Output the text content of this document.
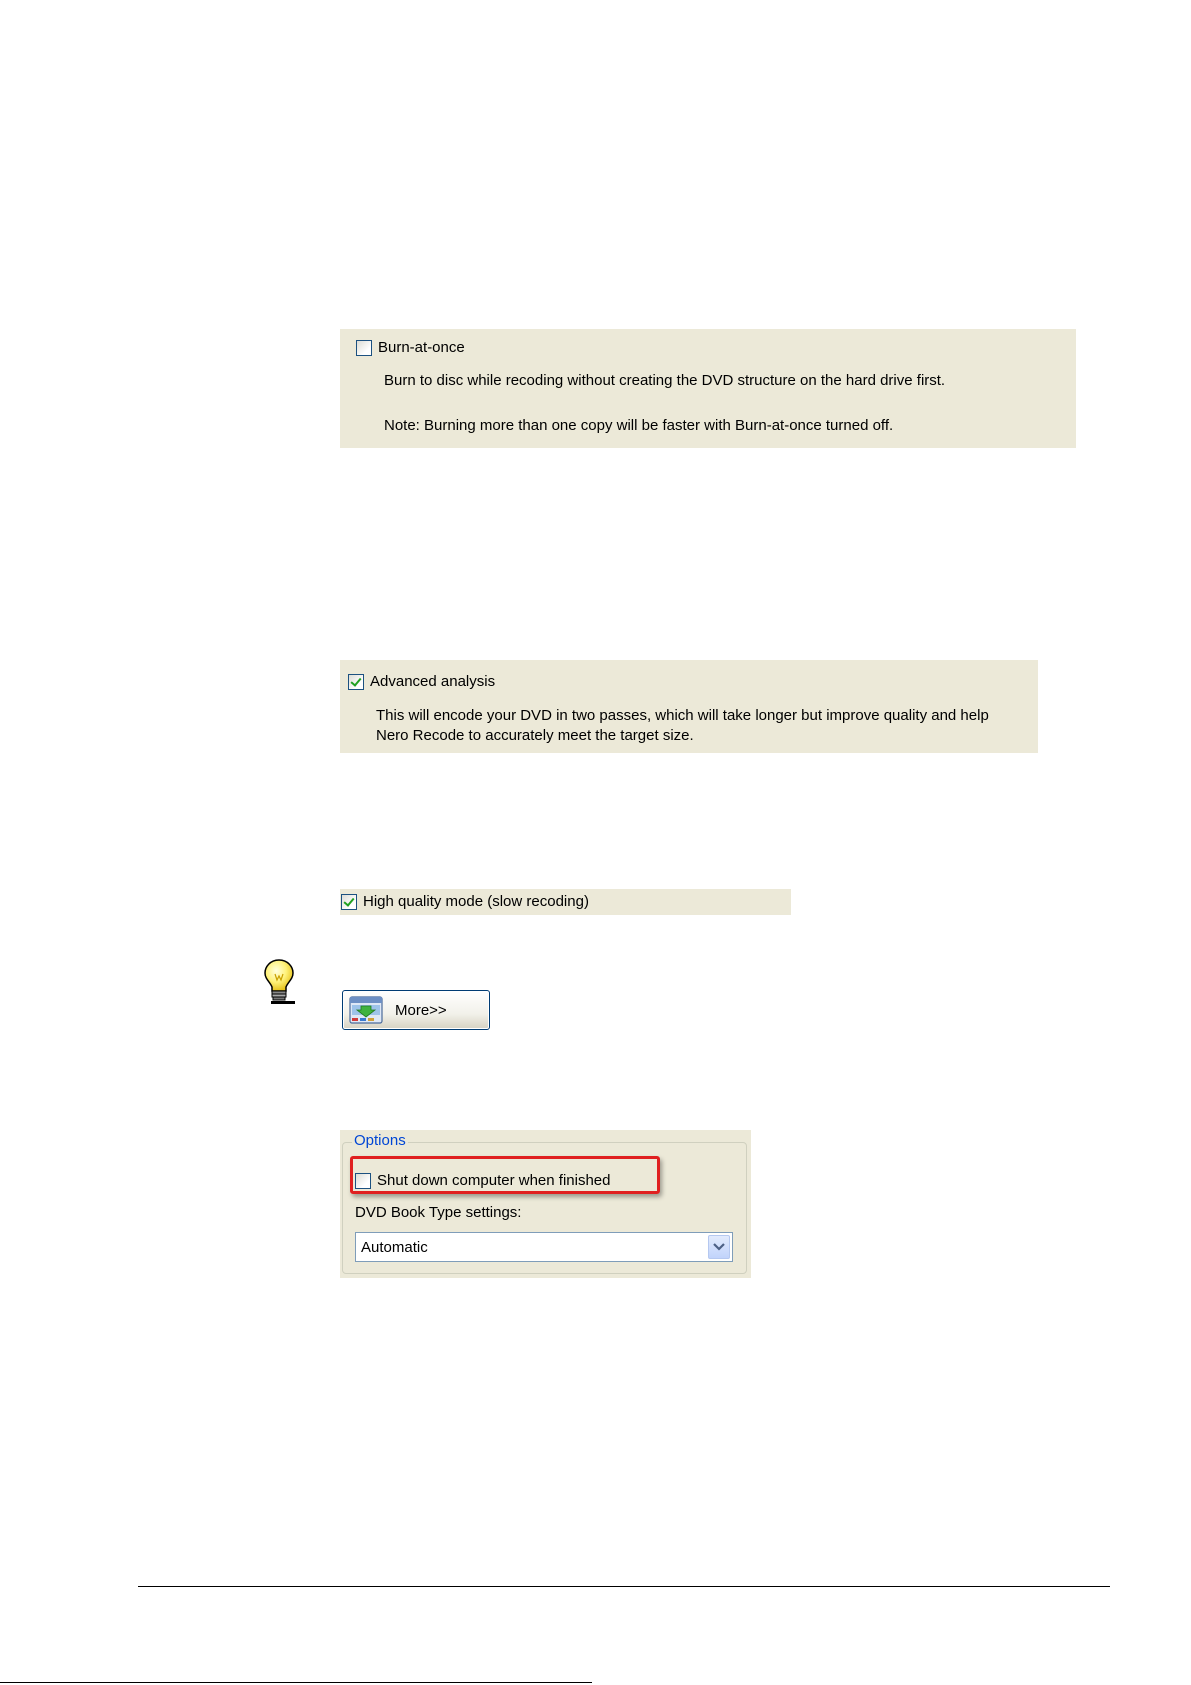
Burn-at-once
Burn to disc while recoding without creating the DVD structure on the hard drive first.
Note: Burning more than one copy will be faster with Burn-at-once turned off.
Advanced analysis
This will encode your DVD in two passes, which will take longer but improve quality and help
Nero Recode to accurately meet the target size.
High quality mode (slow recoding)
More>>
Options
Shut down computer when finished
DVD Book Type settings:
Automatic
